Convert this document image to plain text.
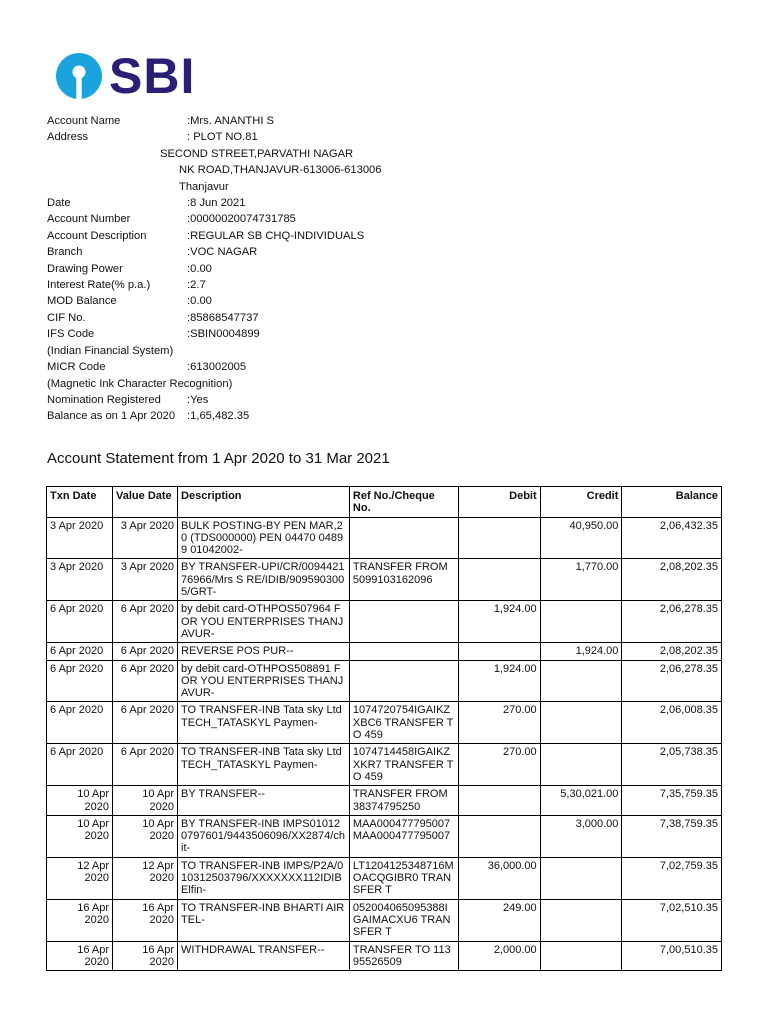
SBI
Account Name	:Mrs. ANANTHI S
Address	: PLOT NO.81
SECOND STREET,PARVATHI NAGAR
NK ROAD,THANJAVUR-613006-613006
Thanjavur
Date	:8 Jun 2021
Account Number	:00000020074731785
Account Description	:REGULAR SB CHQ-INDIVIDUALS
Branch	:VOC NAGAR
Drawing Power	:0.00
Interest Rate(% p.a.)	:2.7
MOD Balance	:0.00
CIF No.	:85868547737
IFS Code	:SBIN0004899
(Indian Financial System)
MICR Code	:613002005
(Magnetic Ink Character Recognition)
Nomination Registered	:Yes
Balance as on 1 Apr 2020	:1,65,482.35
Account Statement from 1 Apr 2020 to 31 Mar 2021
Txn Date	Value Date	Description	Ref No./Cheque No.	Debit	Credit	Balance
3 Apr 2020	3 Apr 2020	BULK POSTING-BY PEN MAR,20 (TDS000000) PEN 04470 04899 01042002-			40,950.00	2,06,432.35
3 Apr 2020	3 Apr 2020	BY TRANSFER-UPI/CR/009442176966/Mrs S RE/IDIB/9095903005/GRT-	TRANSFER FROM 5099103162096		1,770.00	2,08,202.35
6 Apr 2020	6 Apr 2020	by debit card-OTHPOS507964 FOR YOU ENTERPRISES THANJAVUR-		1,924.00		2,06,278.35
6 Apr 2020	6 Apr 2020	REVERSE POS PUR--			1,924.00	2,08,202.35
6 Apr 2020	6 Apr 2020	by debit card-OTHPOS508891 FOR YOU ENTERPRISES THANJAVUR-		1,924.00		2,06,278.35
6 Apr 2020	6 Apr 2020	TO TRANSFER-INB Tata sky Ltd TECH_TATASKYL Paymen-	1074720754IGAIKZXBC6 TRANSFER TO 459	270.00		2,06,008.35
6 Apr 2020	6 Apr 2020	TO TRANSFER-INB Tata sky Ltd TECH_TATASKYL Paymen-	1074714458IGAIKZXKR7 TRANSFER TO 459	270.00		2,05,738.35
10 Apr 2020	10 Apr 2020	BY TRANSFER--	TRANSFER FROM 38374795250		5,30,021.00	7,35,759.35
10 Apr 2020	10 Apr 2020	BY TRANSFER-INB IMPS010120797601/9443506096/XX2874/chit-	MAA000477795007 MAA000477795007		3,000.00	7,38,759.35
12 Apr 2020	12 Apr 2020	TO TRANSFER-INB IMPS/P2A/010312503796/XXXXXXX112IDIBElfin-	LT1204125348716MOACQGIBR0 TRANSFER T	36,000.00		7,02,759.35
16 Apr 2020	16 Apr 2020	TO TRANSFER-INB BHARTI AIRTEL-	052004065095388IGAIMACXU6 TRANSFER T	249.00		7,02,510.35
16 Apr 2020	16 Apr 2020	WITHDRAWAL TRANSFER--	TRANSFER TO 11395526509	2,000.00		7,00,510.35
